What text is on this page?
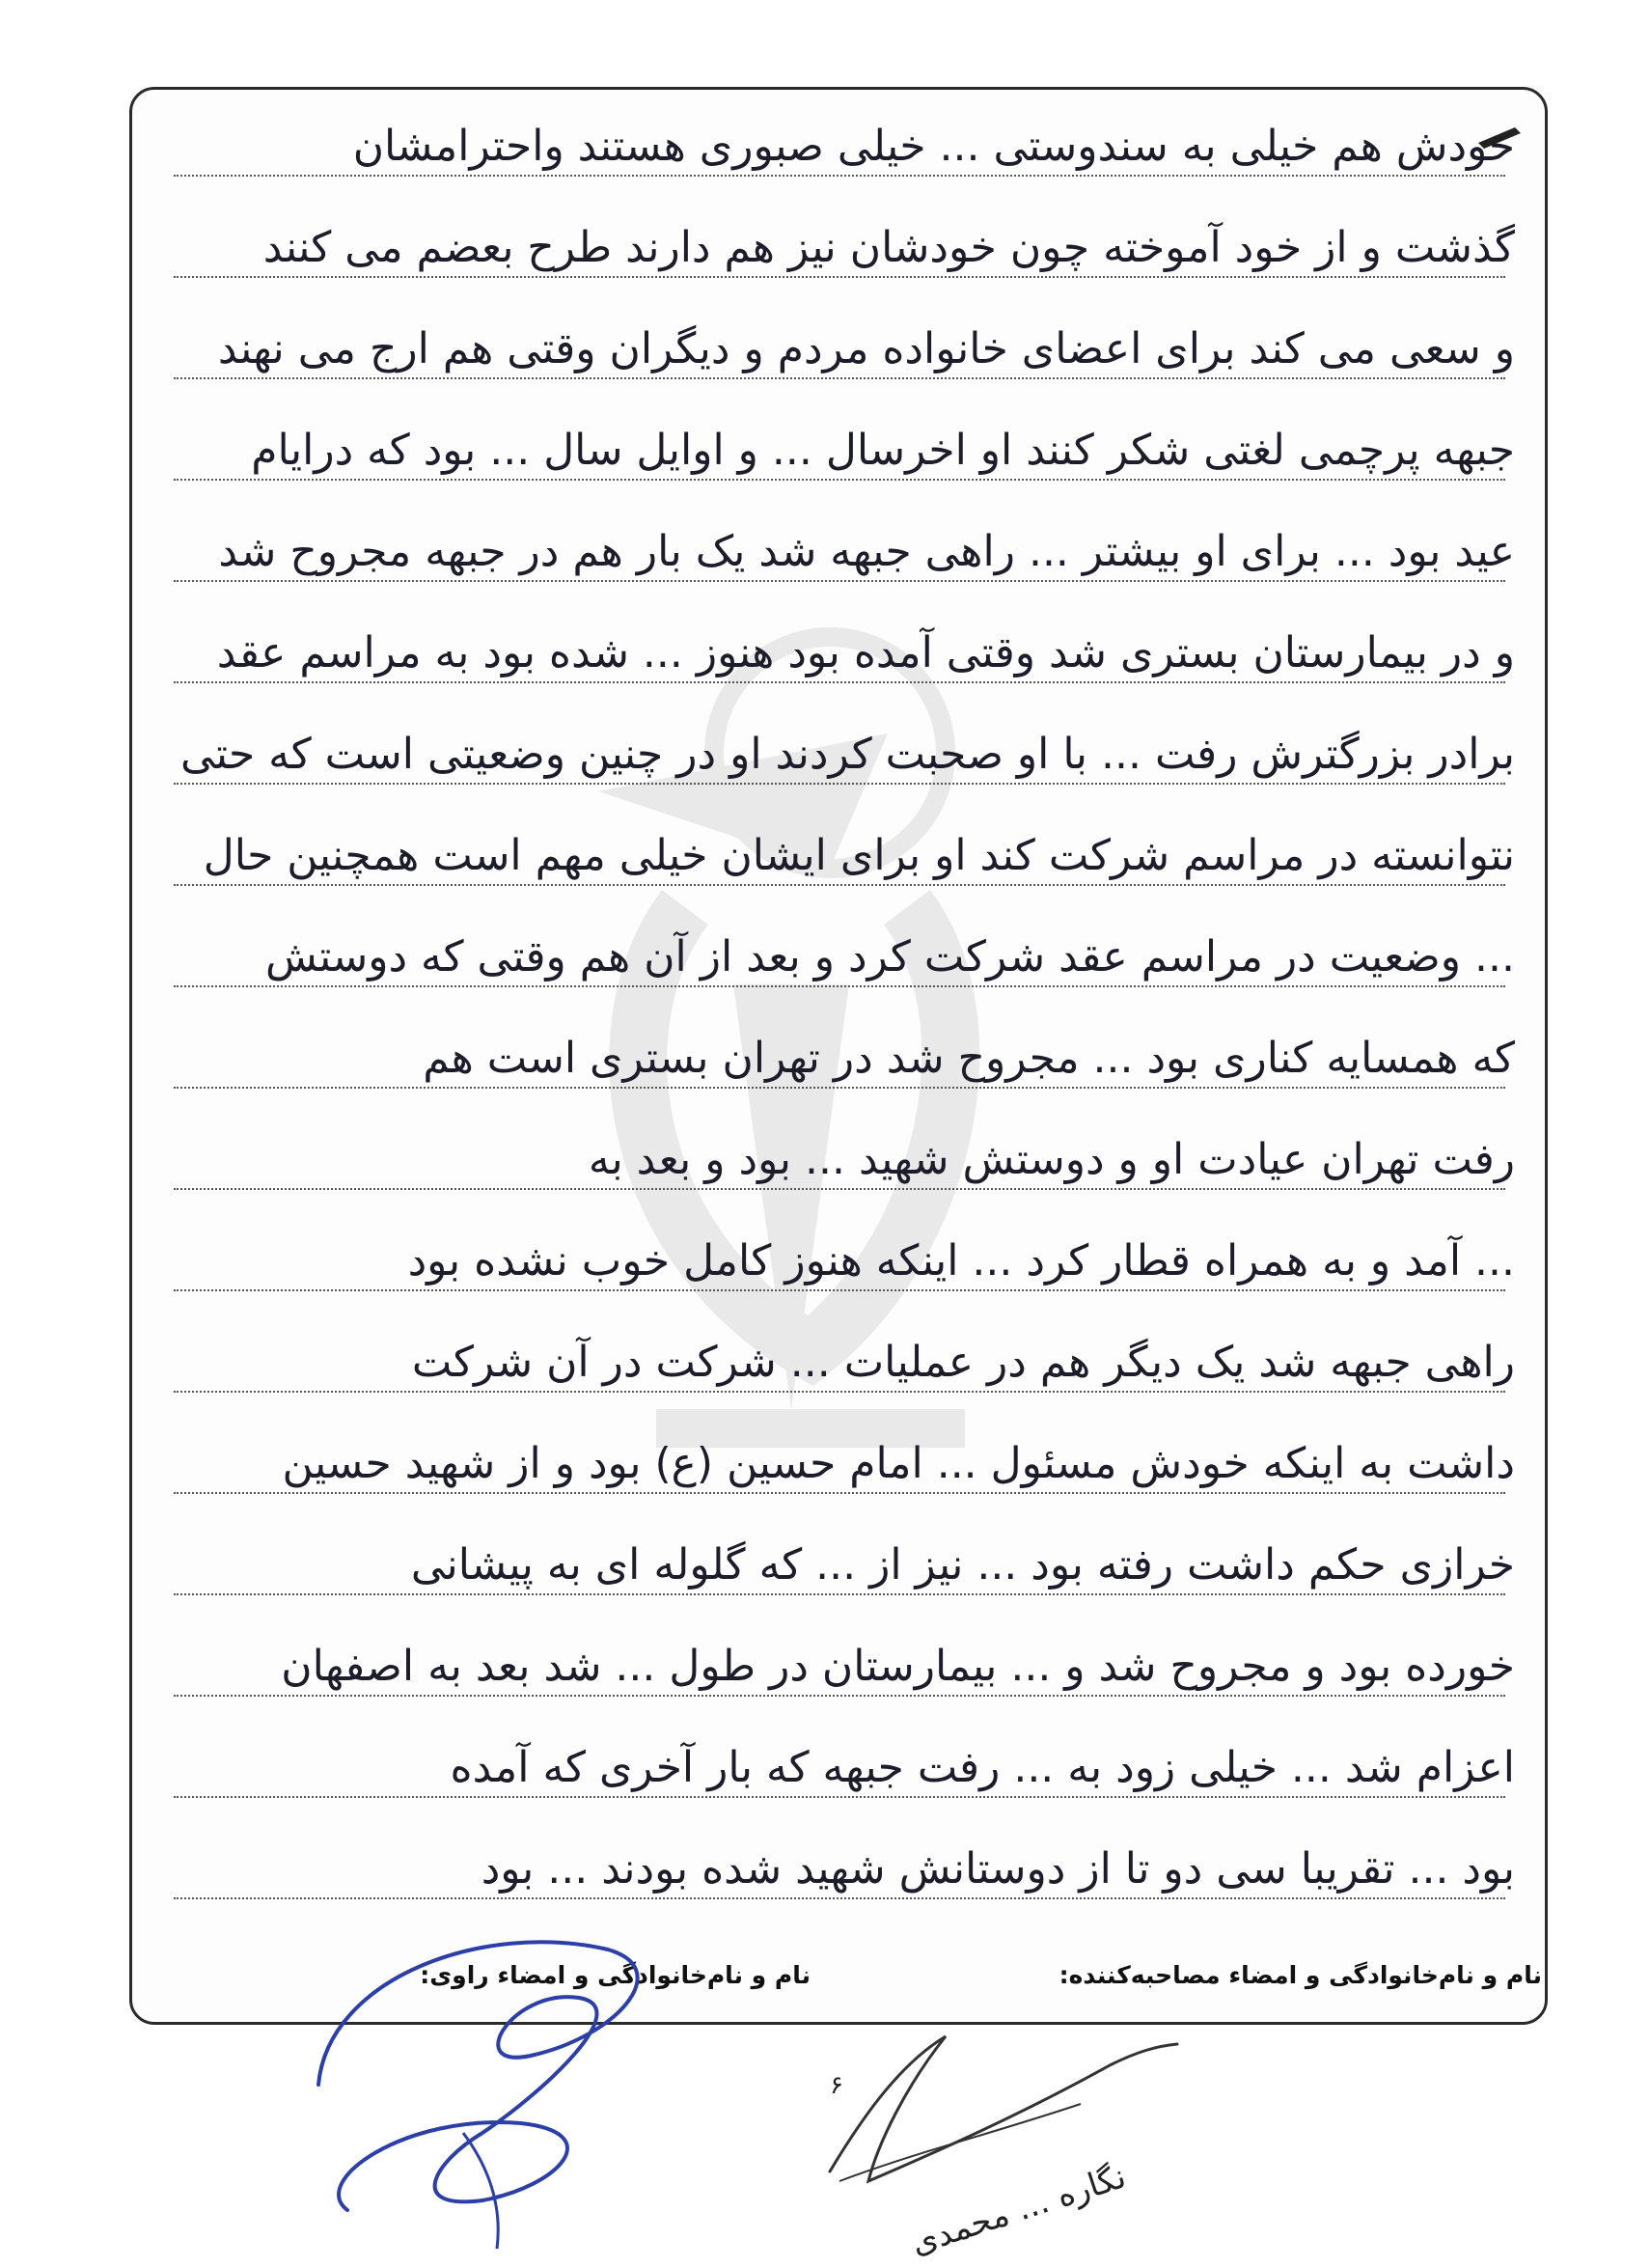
خودش هم خیلی به سندوستی ... خیلی صبوری هستند واحترامشان
گذشت و از خود آموخته چون خودشان نیز هم دارند طرح بعضم می کنند
و سعی می کند برای اعضای خانواده مردم و دیگران وقتی هم ارج می نهند
جبهه پرچمی لغتی شکر کنند او اخرسال ... و اوایل سال ... بود که درایام
عید بود ... برای او بیشتر ... راهی جبهه شد یک بار هم در جبهه مجروح شد
و در بیمارستان بستری شد وقتی آمده بود هنوز ... شده بود به مراسم عقد
برادر بزرگترش رفت ... با او صحبت کردند او در چنین وضعیتی است که حتی
نتوانسته در مراسم شرکت کند او برای ایشان خیلی مهم است همچنین حال
... وضعیت در مراسم عقد شرکت کرد و بعد از آن هم وقتی که دوستش
که همسایه کناری بود ... مجروح شد در تهران بستری است هم
رفت تهران عیادت او و دوستش شهید ... بود و بعد به
... آمد و به همراه قطار کرد ... اینکه هنوز کامل خوب نشده بود
راهی جبهه شد یک دیگر هم در عملیات ... شرکت در آن شرکت
داشت به اینکه خودش مسئول ... امام حسین (ع) بود و از شهید حسین
خرازی حکم داشت رفته بود ... نیز از ... که گلوله ای به پیشانی
خورده بود و مجروح شد و ... بیمارستان در طول ... شد بعد به اصفهان
اعزام شد ... خیلی زود به ... رفت جبهه که بار آخری که آمده
بود ... تقریبا سی دو تا از دوستانش شهید شده بودند ... بود
نام و نام‌خانوادگی و امضاء مصاحبه‌کننده:
نام و نام‌خانوادگی و امضاء راوی:
۶
نگاره ... محمدی
